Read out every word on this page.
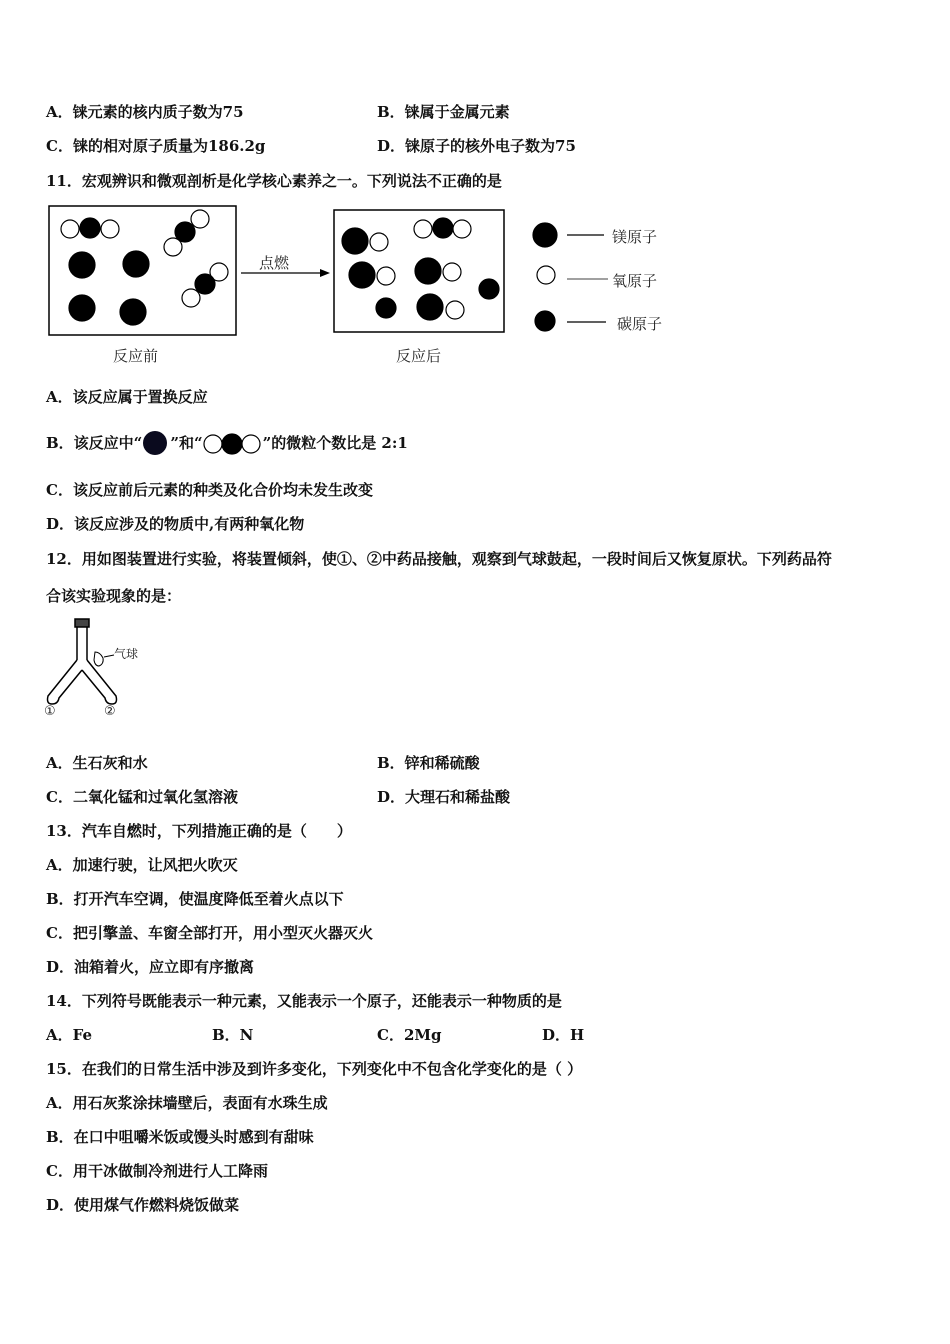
A．铼元素的核内质子数为75	B．铼属于金属元素
C．铼的相对原子质量为186.2g	D．铼原子的核外电子数为75
11．宏观辨识和微观剖析是化学核心素养之一。下列说法不正确的是
点燃
镁原子
氧原子
碳原子
反应前	反应后
A．该反应属于置换反应
B．该反应中“ ”和“	”的微粒个数比是 2:1
C．该反应前后元素的种类及化合价均未发生改变
D．该反应涉及的物质中,有两种氧化物
12．用如图装置进行实验，将装置倾斜，使①、②中药品接触，观察到气球鼓起，一段时间后又恢复原状。下列药品符
合该实验现象的是：
气球
①	②
A．生石灰和水	B．锌和稀硫酸
C．二氧化锰和过氧化氢溶液	D．大理石和稀盐酸
13．汽车自燃时，下列措施正确的是（　　）
A．加速行驶，让风把火吹灭
B．打开汽车空调，使温度降低至着火点以下
C．把引擎盖、车窗全部打开，用小型灭火器灭火
D．油箱着火，应立即有序撤离
14．下列符号既能表示一种元素，又能表示一个原子，还能表示一种物质的是
A．Fe	B．N	C．2Mg	D．H
15．在我们的日常生活中涉及到许多变化，下列变化中不包含化学变化的是（ ）
A．用石灰浆涂抹墙壁后，表面有水珠生成
B．在口中咀嚼米饭或馒头时感到有甜味
C．用干冰做制冷剂进行人工降雨
D．使用煤气作燃料烧饭做菜
